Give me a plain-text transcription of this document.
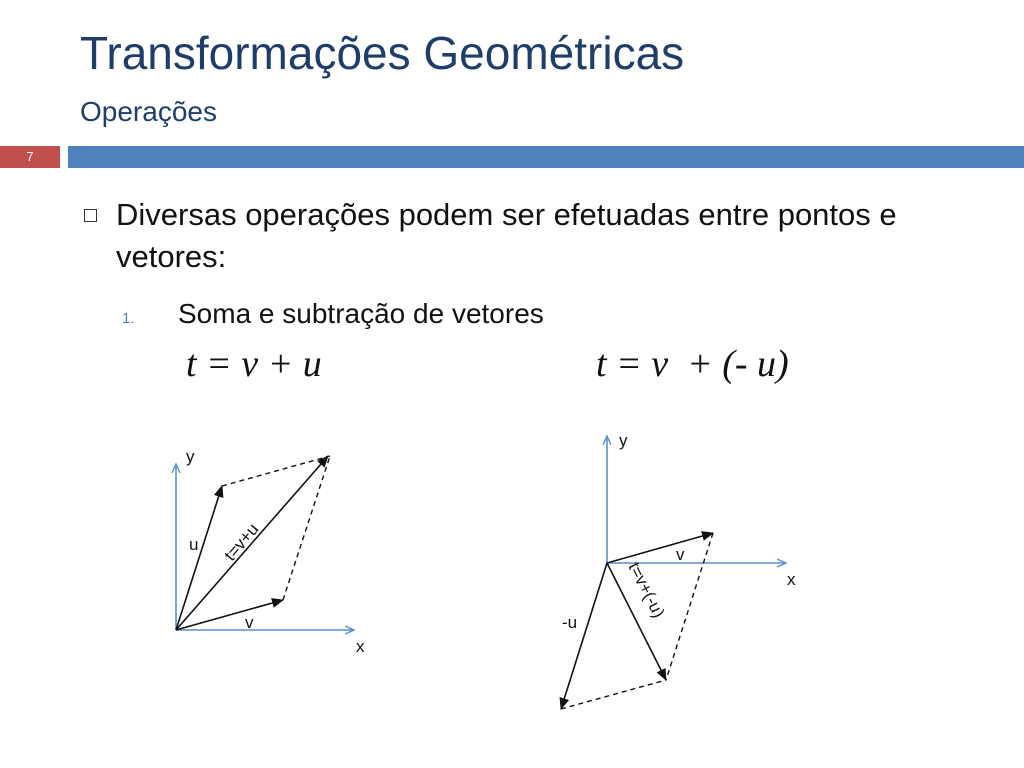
Transformações Geométricas
Operações
7
Diversas operações podem ser efetuadas entre pontos e vetores:
1. Soma e subtração de vetores
t = v + u	t = v  + (- u)
y
x
u
v
t=v+u
y
x
v
-u
t=v+(-u)
